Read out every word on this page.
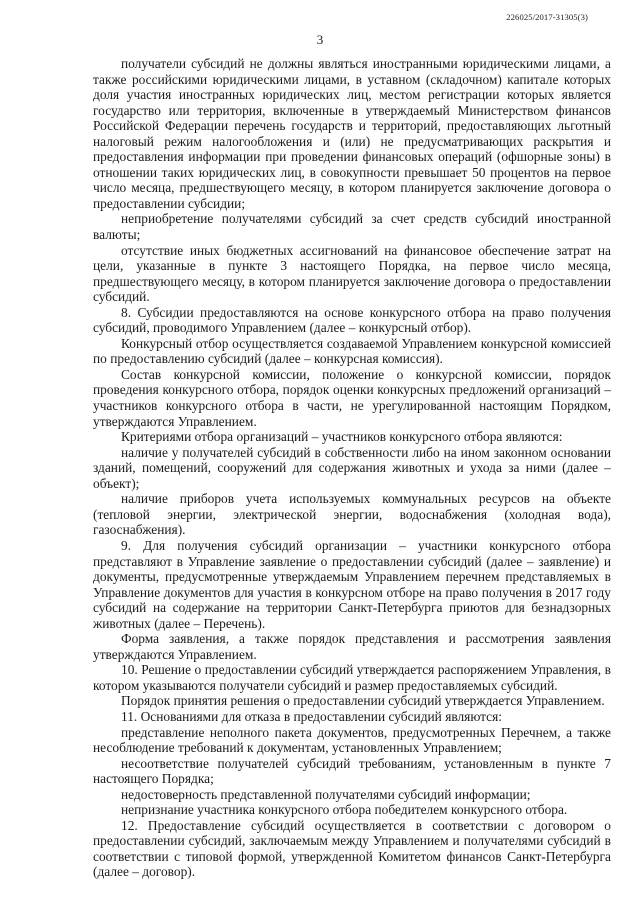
226025/2017-31305(3)
3

получатели субсидий не должны являться иностранными юридическими лицами, а также российскими юридическими лицами, в уставном (складочном) капитале которых доля участия иностранных юридических лиц, местом регистрации которых является государство или территория, включенные в утверждаемый Министерством финансов Российской Федерации перечень государств и территорий, предоставляющих льготный налоговый режим налогообложения и (или) не предусматривающих раскрытия и предоставления информации при проведении финансовых операций (офшорные зоны) в отношении таких юридических лиц, в совокупности превышает 50 процентов на первое число месяца, предшествующего месяцу, в котором планируется заключение договора о предоставлении субсидии;

неприобретение получателями субсидий за счет средств субсидий иностранной валюты;

отсутствие иных бюджетных ассигнований на финансовое обеспечение затрат на цели, указанные в пункте 3 настоящего Порядка, на первое число месяца, предшествующего месяцу, в котором планируется заключение договора о предоставлении субсидий.

8. Субсидии предоставляются на основе конкурсного отбора на право получения субсидий, проводимого Управлением (далее – конкурсный отбор).

Конкурсный отбор осуществляется создаваемой Управлением конкурсной комиссией по предоставлению субсидий (далее – конкурсная комиссия).

Состав конкурсной комиссии, положение о конкурсной комиссии, порядок проведения конкурсного отбора, порядок оценки конкурсных предложений организаций – участников конкурсного отбора в части, не урегулированной настоящим Порядком, утверждаются Управлением.

Критериями отбора организаций – участников конкурсного отбора являются:

наличие у получателей субсидий в собственности либо на ином законном основании зданий, помещений, сооружений для содержания животных и ухода за ними (далее – объект);

наличие приборов учета используемых коммунальных ресурсов на объекте (тепловой энергии, электрической энергии, водоснабжения (холодная вода), газоснабжения).

9. Для получения субсидий организации – участники конкурсного отбора представляют в Управление заявление о предоставлении субсидий (далее – заявление) и документы, предусмотренные утверждаемым Управлением перечнем представляемых в Управление документов для участия в конкурсном отборе на право получения в 2017 году субсидий на содержание на территории Санкт-Петербурга приютов для безнадзорных животных (далее – Перечень).

Форма заявления, а также порядок представления и рассмотрения заявления утверждаются Управлением.

10. Решение о предоставлении субсидий утверждается распоряжением Управления, в котором указываются получатели субсидий и размер предоставляемых субсидий.

Порядок принятия решения о предоставлении субсидий утверждается Управлением.

11. Основаниями для отказа в предоставлении субсидий являются:

представление неполного пакета документов, предусмотренных Перечнем, а также несоблюдение требований к документам, установленных Управлением;

несоответствие получателей субсидий требованиям, установленным в пункте 7 настоящего Порядка;

недостоверность представленной получателями субсидий информации;

непризнание участника конкурсного отбора победителем конкурсного отбора.

12. Предоставление субсидий осуществляется в соответствии с договором о предоставлении субсидий, заключаемым между Управлением и получателями субсидий в соответствии с типовой формой, утвержденной Комитетом финансов Санкт-Петербурга (далее – договор).
